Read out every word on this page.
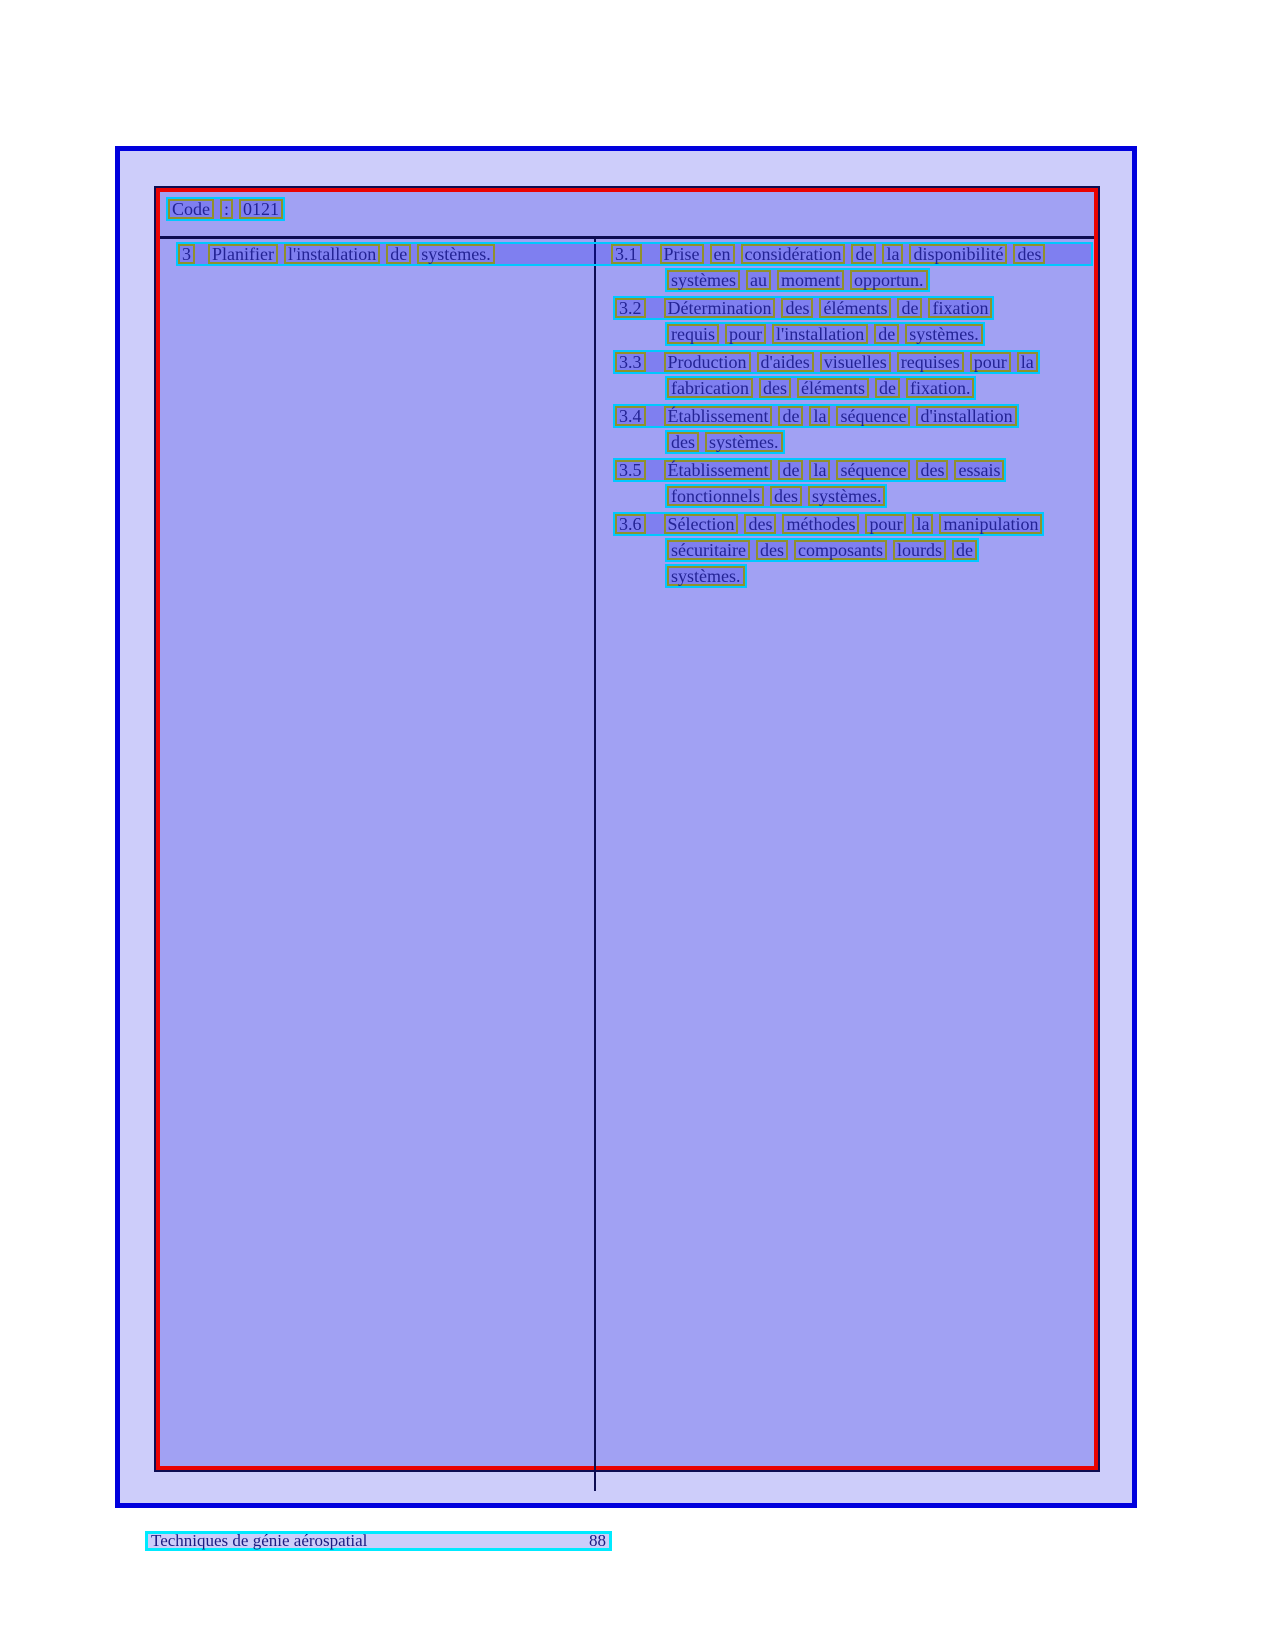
Code : 0121
3 Planifier l'installation de systèmes.	3.1 Prise en considération de la disponibilité des
systèmes au moment opportun.
3.2 Détermination des éléments de fixation
requis pour l'installation de systèmes.
3.3 Production d'aides visuelles requises pour la
fabrication des éléments de fixation.
3.4 Établissement de la séquence d'installation
des systèmes.
3.5 Établissement de la séquence des essais
fonctionnels des systèmes.
3.6 Sélection des méthodes pour la manipulation
sécuritaire des composants lourds de
systèmes.
Techniques de génie aérospatial	88
